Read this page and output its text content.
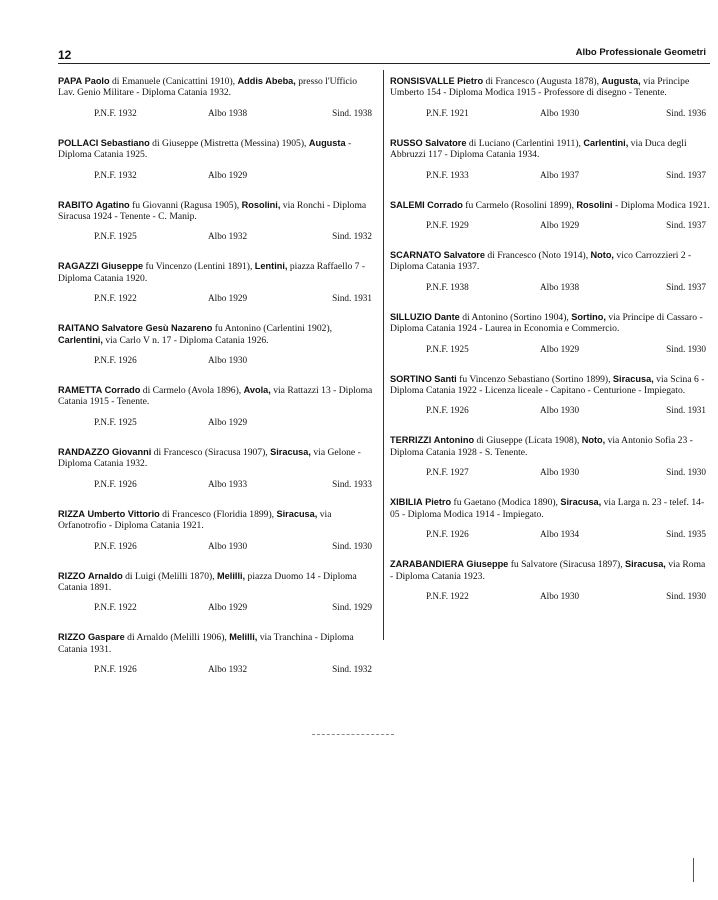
12	Albo Professionale Geometri

PAPA Paolo di Emanuele (Canicattini 1910), Addis Abeba, presso l'Ufficio Lav. Genio Militare - Diploma Catania 1932.

P.N.F. 1932	Albo 1938	Sind. 1938

POLLACI Sebastiano di Giuseppe (Mistretta (Messina) 1905), Augusta - Diploma Catania 1925.

P.N.F. 1932	Albo 1929

RABITO Agatino fu Giovanni (Ragusa 1905), Rosolini, via Ronchi - Diploma Siracusa 1924 - Tenente - C. Manip.

P.N.F. 1925	Albo 1932	Sind. 1932

RAGAZZI Giuseppe fu Vincenzo (Lentini 1891), Lentini, piazza Raffaello 7 - Diploma Catania 1920.

P.N.F. 1922	Albo 1929	Sind. 1931

RAITANO Salvatore Gesù Nazareno fu Antonino (Carlentini 1902), Carlentini, via Carlo V n. 17 - Diploma Catania 1926.

P.N.F. 1926	Albo 1930

RAMETTA Corrado di Carmelo (Avola 1896), Avola, via Rattazzi 13 - Diploma Catania 1915 - Tenente.

P.N.F. 1925	Albo 1929

RANDAZZO Giovanni di Francesco (Siracusa 1907), Siracusa, via Gelone - Diploma Catania 1932.

P.N.F. 1926	Albo 1933	Sind. 1933

RIZZA Umberto Vittorio di Francesco (Floridia 1899), Siracusa, via Orfanotrofio - Diploma Catania 1921.

P.N.F. 1926	Albo 1930	Sind. 1930

RIZZO Arnaldo di Luigi (Melilli 1870), Melilli, piazza Duomo 14 - Diploma Catania 1891.

P.N.F. 1922	Albo 1929	Sind. 1929

RIZZO Gaspare di Arnaldo (Melilli 1906), Melilli, via Tranchina - Diploma Catania 1931.

P.N.F. 1926	Albo 1932	Sind. 1932

RONSISVALLE Pietro di Francesco (Augusta 1878), Augusta, via Principe Umberto 154 - Diploma Modica 1915 - Professore di disegno - Tenente.

P.N.F. 1921	Albo 1930	Sind. 1936

RUSSO Salvatore di Luciano (Carlentini 1911), Carlentini, via Duca degli Abbruzzi 117 - Diploma Catania 1934.

P.N.F. 1933	Albo 1937	Sind. 1937

SALEMI Corrado fu Carmelo (Rosolini 1899), Rosolini - Diploma Modica 1921.

P.N.F. 1929	Albo 1929	Sind. 1937

SCARNATO Salvatore di Francesco (Noto 1914), Noto, vico Carrozzieri 2 - Diploma Catania 1937.

P.N.F. 1938	Albo 1938	Sind. 1937

SILLUZIO Dante di Antonino (Sortino 1904), Sortino, via Principe di Cassaro - Diploma Catania 1924 - Laurea in Economia e Commercio.

P.N.F. 1925	Albo 1929	Sind. 1930

SORTINO Santi fu Vincenzo Sebastiano (Sortino 1899), Siracusa, via Scina 6 - Diploma Catania 1922 - Licenza liceale - Capitano - Centurione - Impiegato.

P.N.F. 1926	Albo 1930	Sind. 1931

TERRIZZI Antonino di Giuseppe (Licata 1908), Noto, via Antonio Sofia 23 - Diploma Catania 1928 - S. Tenente.

P.N.F. 1927	Albo 1930	Sind. 1930

XIBILIA Pietro fu Gaetano (Modica 1890), Siracusa, via Larga n. 23 - telef. 14-05 - Diploma Modica 1914 - Impiegato.

P.N.F. 1926	Albo 1934	Sind. 1935

ZARABANDIERA Giuseppe fu Salvatore (Siracusa 1897), Siracusa, via Roma - Diploma Catania 1923.

P.N.F. 1922	Albo 1930	Sind. 1930
